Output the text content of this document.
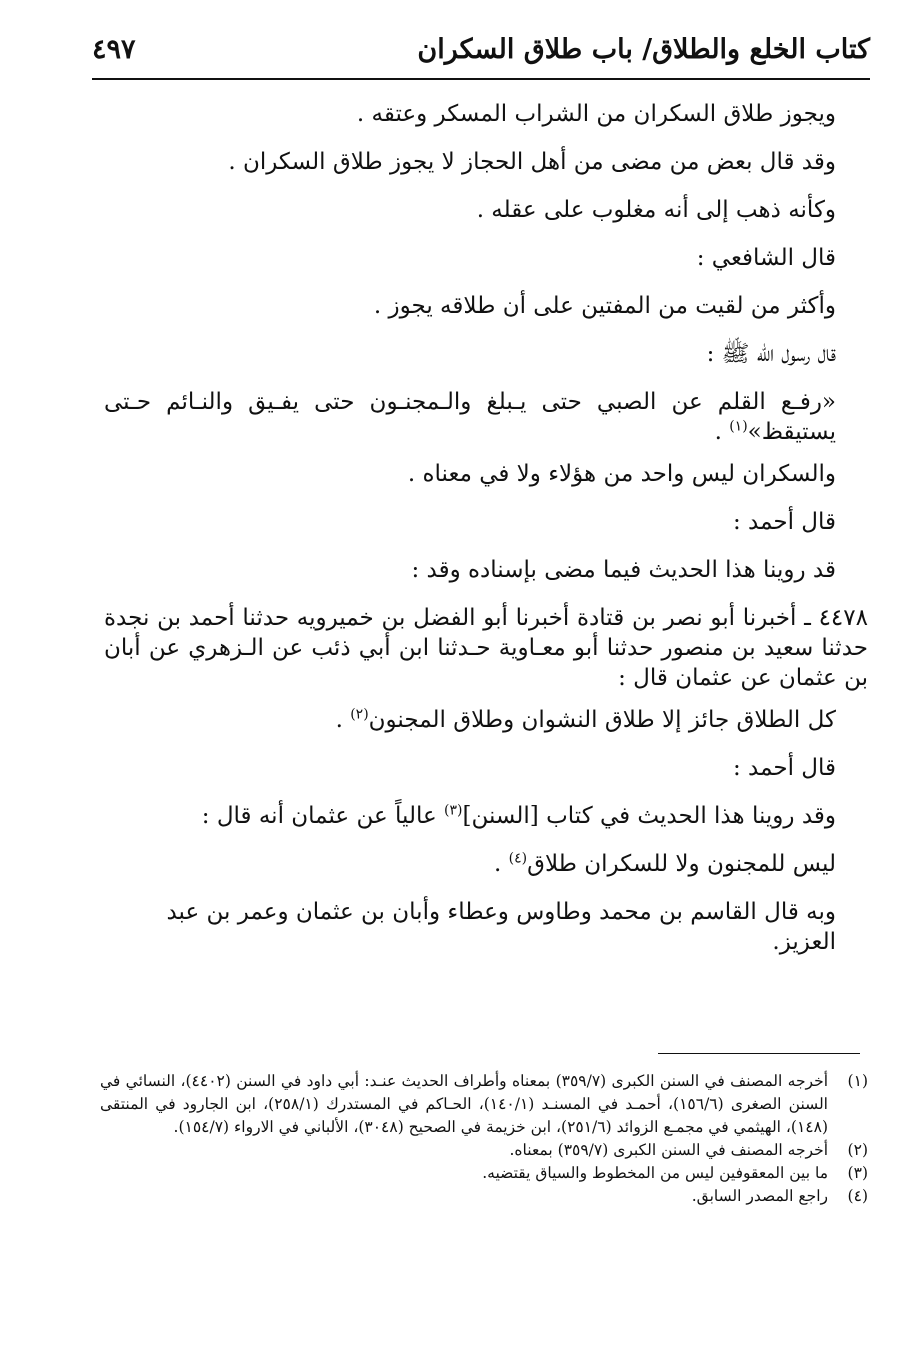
كتاب الخلع والطلاق/ باب طلاق السكران
٤٩٧

ويجوز طلاق السكران من الشراب المسكر وعتقه .

وقد قال بعض من مضى من أهل الحجاز لا يجوز طلاق السكران .

وكأنه ذهب إلى أنه مغلوب على عقله .

قال الشافعي :

وأكثر من لقيت من المفتين على أن طلاقه يجوز .

قال رسول الله ﷺ :

«رفـع القلم عن الصبي حتى يـبلغ والـمجنـون حتى يفـيق والنـائم حـتى يستيقظ»$^{(١)}$ .

والسكران ليس واحد من هؤلاء ولا في معناه .

قال أحمد :

قد روينا هذا الحديث فيما مضى بإسناده وقد :

٤٤٧٨ ـ أخبرنا أبو نصر بن قتادة أخبرنا أبو الفضل بن خميرويه حدثنا أحمد بن نجدة حدثنا سعيد بن منصور حدثنا أبو معـاوية حـدثنا ابن أبي ذئب عن الـزهري عن أبان بن عثمان عن عثمان قال :

كل الطلاق جائز إلا طلاق النشوان وطلاق المجنون$^{(٢)}$ .

قال أحمد :

وقد روينا هذا الحديث في كتاب [السنن]$^{(٣)}$ عالياً عن عثمان أنه قال :

ليس للمجنون ولا للسكران طلاق$^{(٤)}$ .

وبه قال القاسم بن محمد وطاوس وعطاء وأبان بن عثمان وعمر بن عبد العزيز.

(١)
أخرجه المصنف في السنن الكبرى (٣٥٩/٧) بمعناه وأطراف الحديث عنـد: أبي داود في السنن (٤٤٠٢)، النسائي في السنن الصغرى (١٥٦/٦)، أحمـد في المسنـد (١٤٠/١)، الحـاكم في المستدرك (٢٥٨/١)، ابن الجارود في المنتقى (١٤٨)، الهيثمي في مجمـع الزوائد (٢٥١/٦)، ابن خزيمة في الصحيح (٣٠٤٨)، الألباني في الارواء (١٥٤/٧).
(٢)
أخرجه المصنف في السنن الكبرى (٣٥٩/٧) بمعناه.
(٣)
ما بين المعقوفين ليس من المخطوط والسياق يقتضيه.
(٤)
راجع المصدر السابق.
